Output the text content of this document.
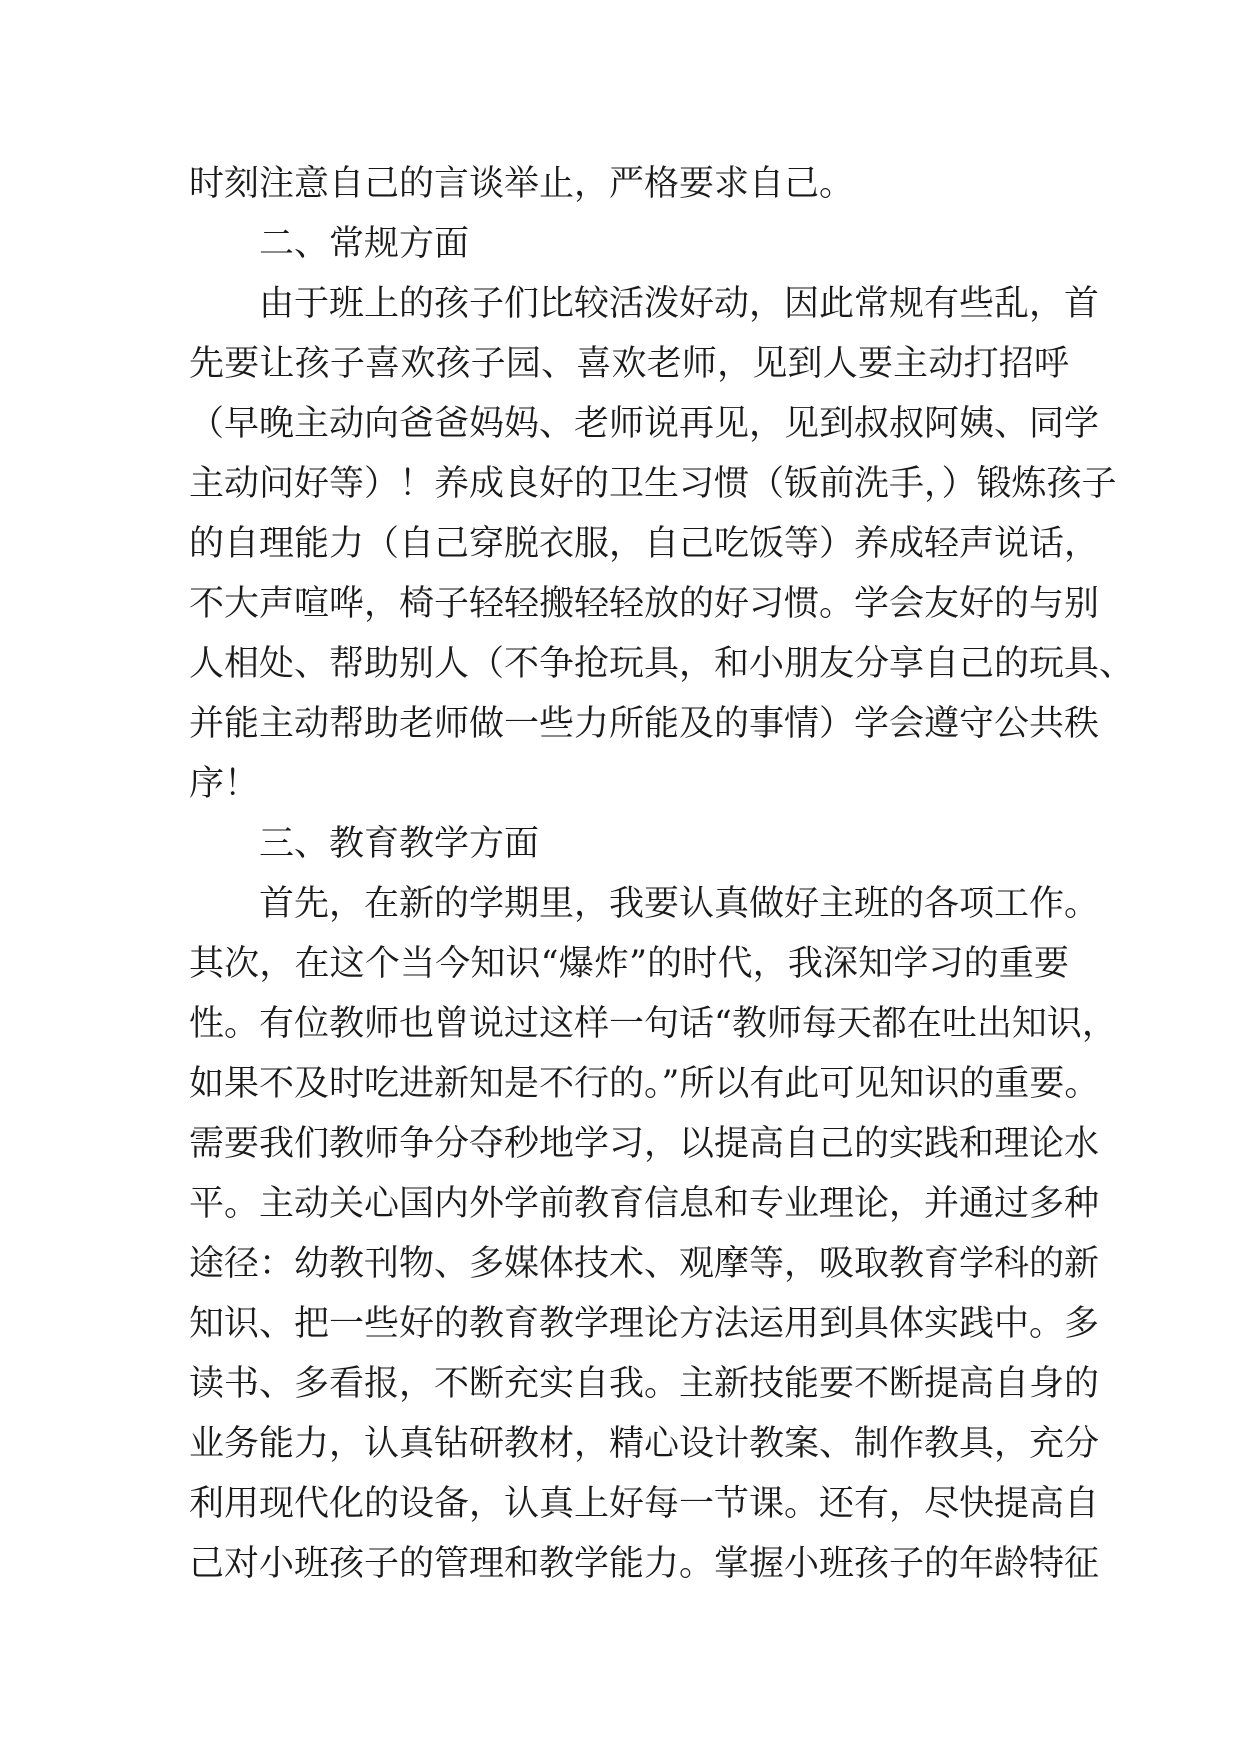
时刻注意自己的言谈举止，严格要求自己。
二、常规方面
由于班上的孩子们比较活泼好动，因此常规有些乱，首
先要让孩子喜欢孩子园、喜欢老师，见到人要主动打招呼
（早晚主动向爸爸妈妈、老师说再见，见到叔叔阿姨、同学
主动问好等）！养成良好的卫生习惯（钣前洗手，）锻炼孩子
的自理能力（自己穿脱衣服，自己吃饭等）养成轻声说话，
不大声喧哗，椅子轻轻搬轻轻放的好习惯。学会友好的与别
人相处、帮助别人（不争抢玩具，和小朋友分享自己的玩具、
并能主动帮助老师做一些力所能及的事情）学会遵守公共秩
序！
三、教育教学方面
首先，在新的学期里，我要认真做好主班的各项工作。
其次，在这个当今知识“爆炸”的时代，我深知学习的重要
性。有位教师也曾说过这样一句话“教师每天都在吐出知识，
如果不及时吃进新知是不行的。”所以有此可见知识的重要。
需要我们教师争分夺秒地学习，以提高自己的实践和理论水
平。主动关心国内外学前教育信息和专业理论，并通过多种
途径：幼教刊物、多媒体技术、观摩等，吸取教育学科的新
知识、把一些好的教育教学理论方法运用到具体实践中。多
读书、多看报，不断充实自我。主新技能要不断提高自身的
业务能力，认真钻研教材，精心设计教案、制作教具，充分
利用现代化的设备，认真上好每一节课。还有，尽快提高自
己对小班孩子的管理和教学能力。掌握小班孩子的年龄特征
